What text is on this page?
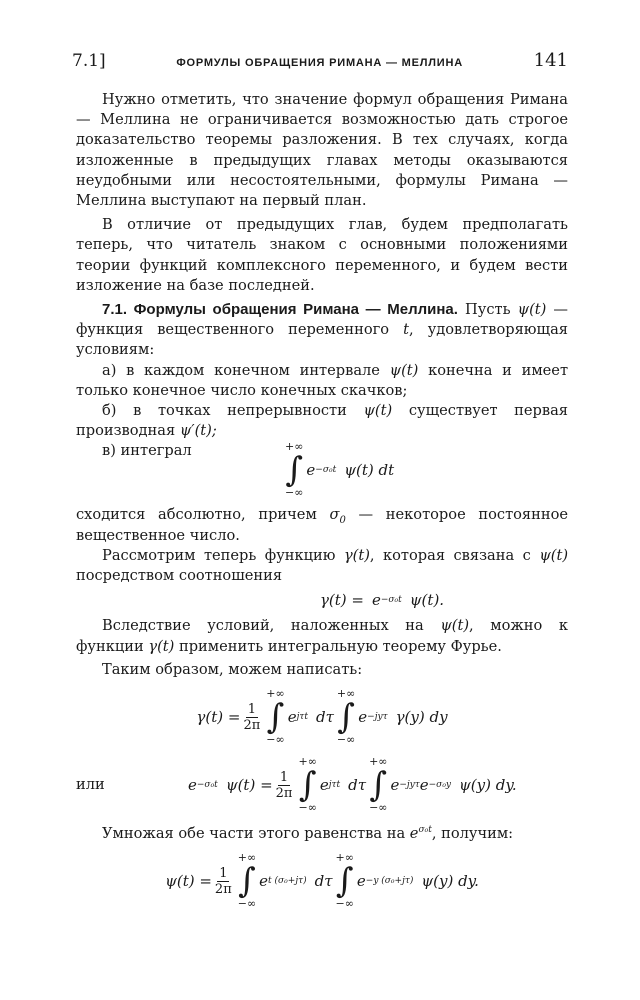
7.1]	ФОРМУЛЫ ОБРАЩЕНИЯ РИМАНА — МЕЛЛИНА	141

Нужно отметить, что значение формул обращения Римана — Меллина не ограничивается возможностью дать строгое доказательство теоремы разложения. В тех случаях, когда изложенные в предыдущих главах методы оказываются неудобными или несостоятельными, формулы Римана — Меллина выступают на первый план.

В отличие от предыдущих глав, будем предполагать теперь, что читатель знаком с основными положениями теории функций комплексного переменного, и будем вести изложение на базе последней.

7.1. Формулы обращения Римана — Меллина. Пусть ψ(t) — функция вещественного переменного t, удовлетворяющая условиям:

а) в каждом конечном интервале ψ(t) конечна и имеет только конечное число конечных скачков;

б) в точках непрерывности ψ(t) существует первая производная ψ′(t);

в) интеграл	+∞
∫
−∞
e −σ₀t ψ(t) dt

сходится абсолютно, причем $\sigma_0$ — некоторое постоянное вещественное число.

Рассмотрим теперь функцию γ(t), которая связана с ψ(t) посредством соотношения

γ(t) = e −σ₀t ψ(t).

Вследствие условий, наложенных на ψ(t), можно к функции γ(t) применить интегральную теорему Фурье.

Таким образом, можем написать:

$\gamma(t) = \frac{1}{2\pi}$
+∞
∫
−∞
e jτt dτ
+∞
∫
−∞
e −jyτ γ(y) dy
или	e −σ₀t $\psi(t) = \frac{1}{2\pi}$
+∞
∫
−∞
e jτt dτ
+∞
∫
−∞
e −jyτ e −σ₀y ψ(y) dy.

Умножая обе части этого равенства на $e^{\sigma_0t}$, получим:

$\psi(t) = \frac{1}{2\pi}$
+∞
∫
−∞
e t (σ₀+jτ) dτ
+∞
∫
−∞
e −y (σ₀+jτ) ψ(y) dy.
